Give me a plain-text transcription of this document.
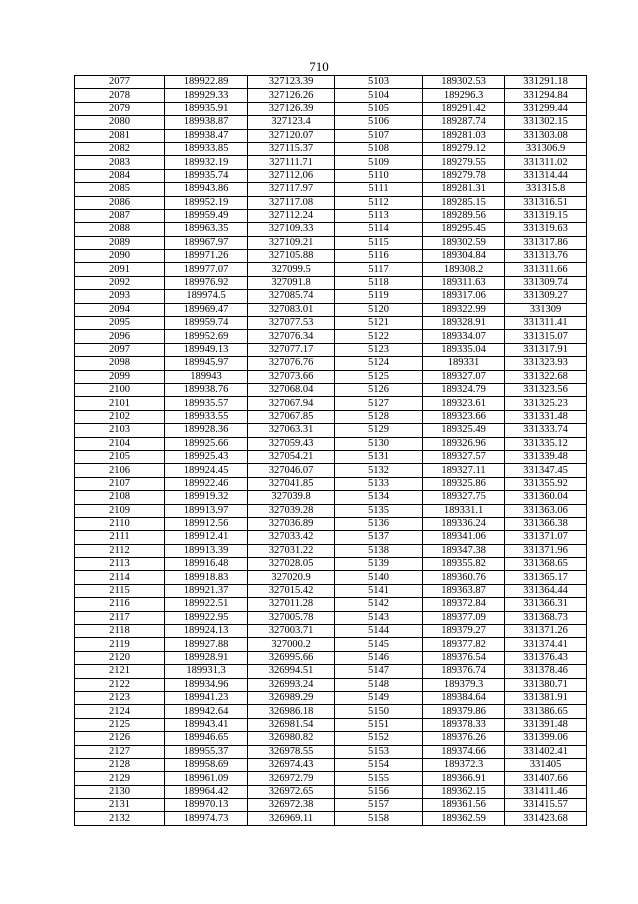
710
2077	189922.89	327123.39	5103	189302.53	331291.18
2078	189929.33	327126.26	5104	189296.3	331294.84
2079	189935.91	327126.39	5105	189291.42	331299.44
2080	189938.87	327123.4	5106	189287.74	331302.15
2081	189938.47	327120.07	5107	189281.03	331303.08
2082	189933.85	327115.37	5108	189279.12	331306.9
2083	189932.19	327111.71	5109	189279.55	331311.02
2084	189935.74	327112.06	5110	189279.78	331314.44
2085	189943.86	327117.97	5111	189281.31	331315.8
2086	189952.19	327117.08	5112	189285.15	331316.51
2087	189959.49	327112.24	5113	189289.56	331319.15
2088	189963.35	327109.33	5114	189295.45	331319.63
2089	189967.97	327109.21	5115	189302.59	331317.86
2090	189971.26	327105.88	5116	189304.84	331313.76
2091	189977.07	327099.5	5117	189308.2	331311.66
2092	189976.92	327091.8	5118	189311.63	331309.74
2093	189974.5	327085.74	5119	189317.06	331309.27
2094	189969.47	327083.01	5120	189322.99	331309
2095	189959.74	327077.53	5121	189328.91	331311.41
2096	189952.69	327076.34	5122	189334.07	331315.07
2097	189949.13	327077.17	5123	189335.04	331317.91
2098	189945.97	327076.76	5124	189331	331323.93
2099	189943	327073.66	5125	189327.07	331322.68
2100	189938.76	327068.04	5126	189324.79	331323.56
2101	189935.57	327067.94	5127	189323.61	331325.23
2102	189933.55	327067.85	5128	189323.66	331331.48
2103	189928.36	327063.31	5129	189325.49	331333.74
2104	189925.66	327059.43	5130	189326.96	331335.12
2105	189925.43	327054.21	5131	189327.57	331339.48
2106	189924.45	327046.07	5132	189327.11	331347.45
2107	189922.46	327041.85	5133	189325.86	331355.92
2108	189919.32	327039.8	5134	189327.75	331360.04
2109	189913.97	327039.28	5135	189331.1	331363.06
2110	189912.56	327036.89	5136	189336.24	331366.38
2111	189912.41	327033.42	5137	189341.06	331371.07
2112	189913.39	327031.22	5138	189347.38	331371.96
2113	189916.48	327028.05	5139	189355.82	331368.65
2114	189918.83	327020.9	5140	189360.76	331365.17
2115	189921.37	327015.42	5141	189363.87	331364.44
2116	189922.51	327011.28	5142	189372.84	331366.31
2117	189922.95	327005.78	5143	189377.09	331368.73
2118	189924.13	327003.71	5144	189379.27	331371.26
2119	189927.88	327000.2	5145	189377.82	331374.41
2120	189928.91	326995.66	5146	189376.54	331376.43
2121	189931.3	326994.51	5147	189376.74	331378.46
2122	189934.96	326993.24	5148	189379.3	331380.71
2123	189941.23	326989.29	5149	189384.64	331381.91
2124	189942.64	326986.18	5150	189379.86	331386.65
2125	189943.41	326981.54	5151	189378.33	331391.48
2126	189946.65	326980.82	5152	189376.26	331399.06
2127	189955.37	326978.55	5153	189374.66	331402.41
2128	189958.69	326974.43	5154	189372.3	331405
2129	189961.09	326972.79	5155	189366.91	331407.66
2130	189964.42	326972.65	5156	189362.15	331411.46
2131	189970.13	326972.38	5157	189361.56	331415.57
2132	189974.73	326969.11	5158	189362.59	331423.68
